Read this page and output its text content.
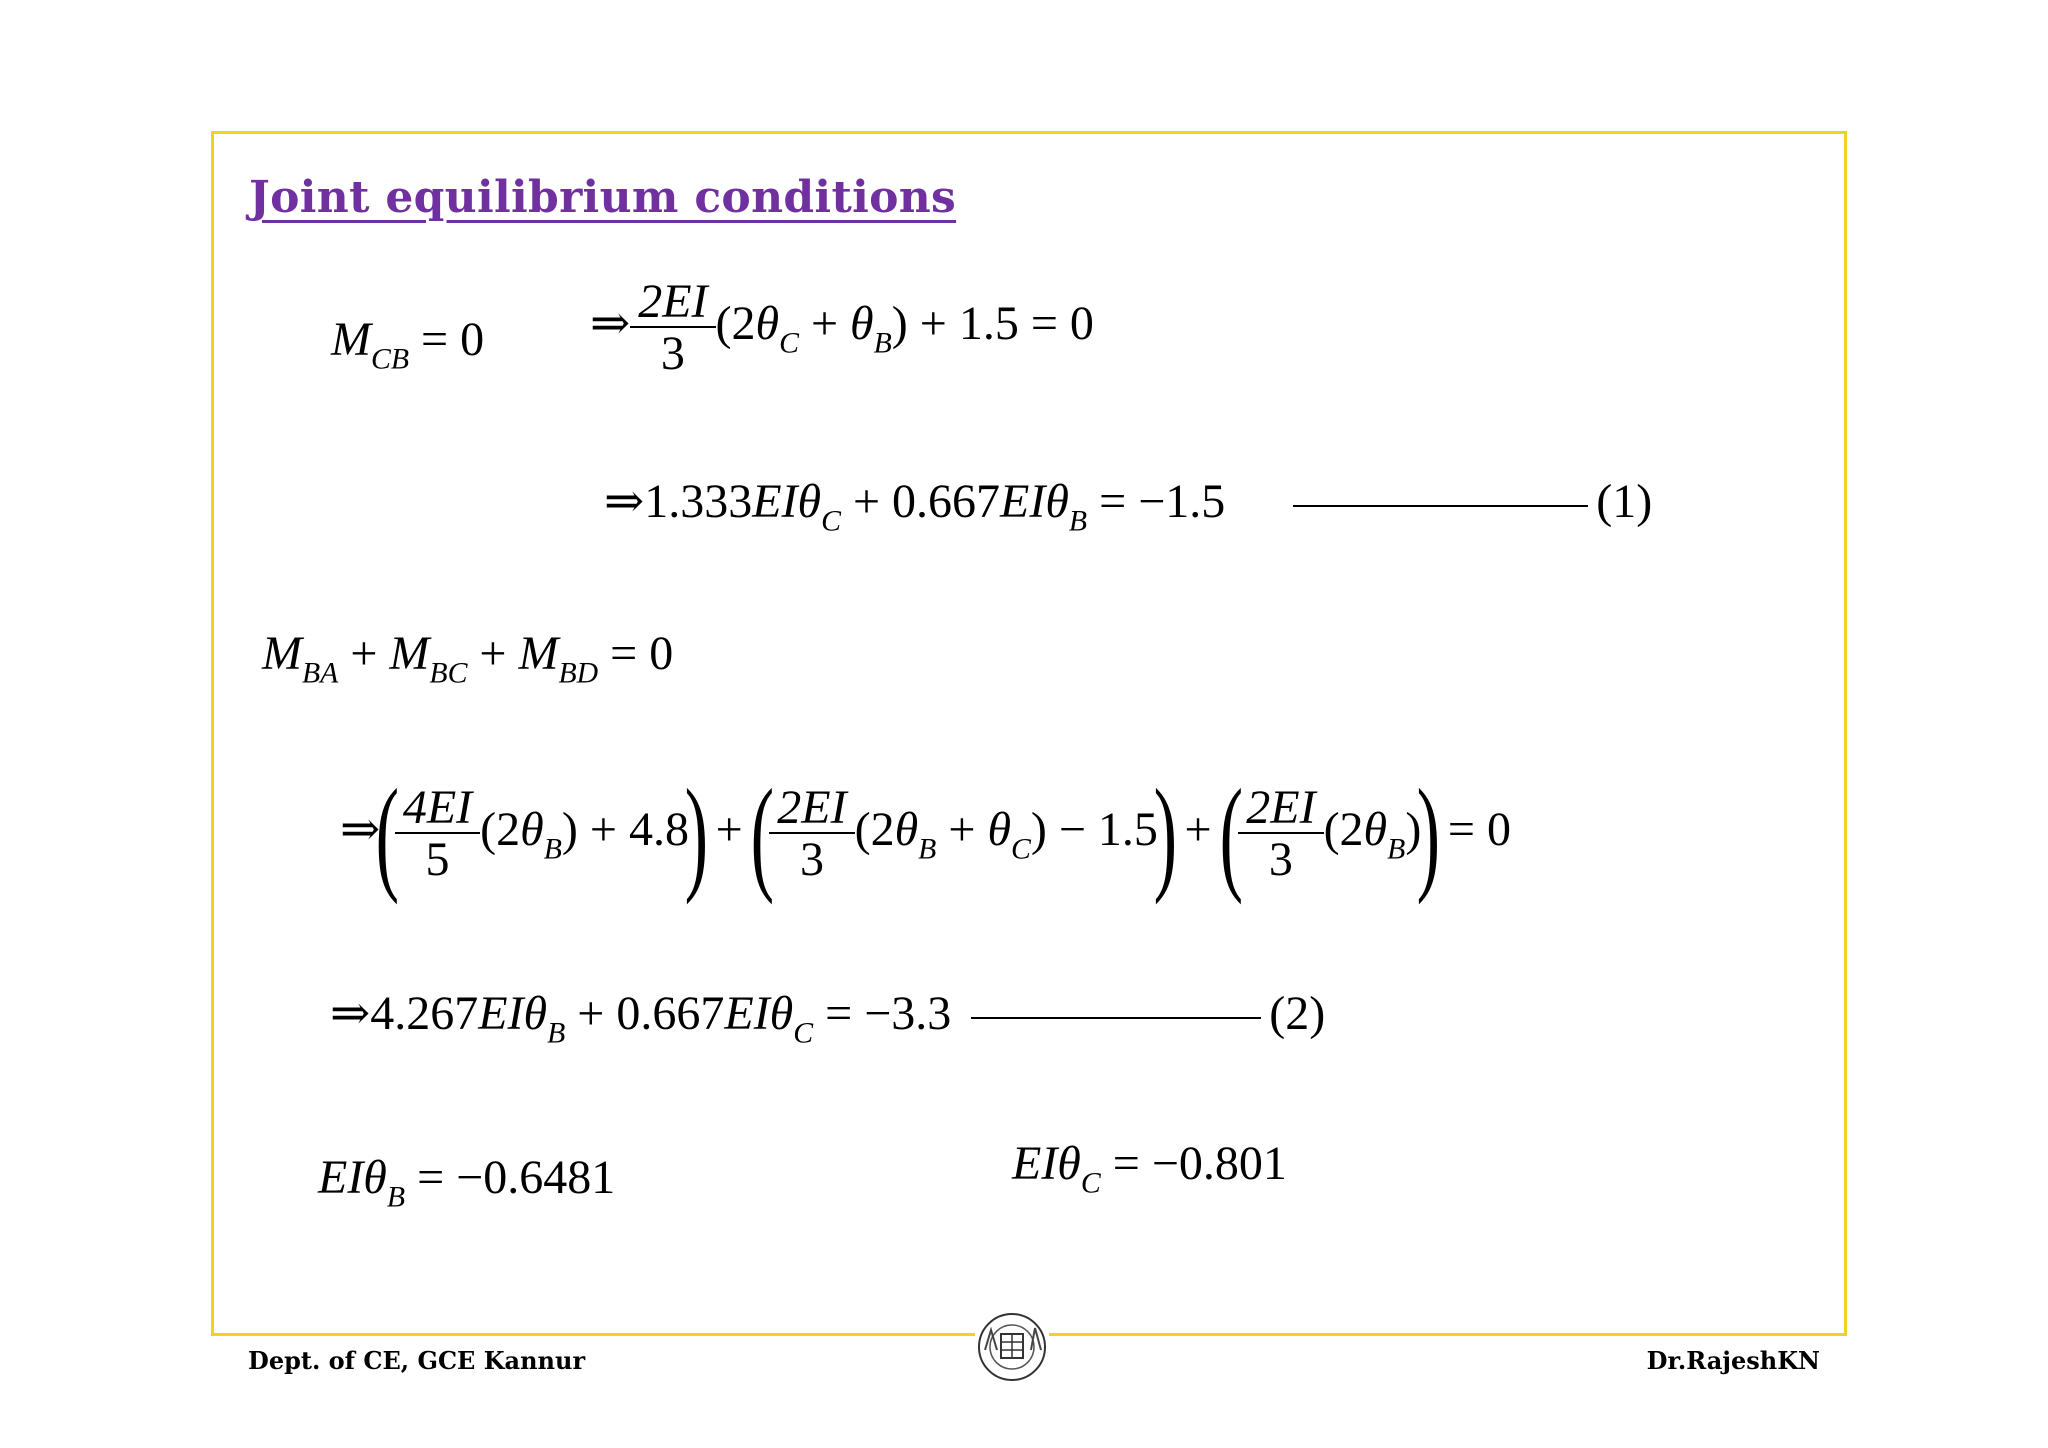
Joint equilibrium conditions
$M_{CB} = 0$ ⇒ $\frac{2EI}{3} (2\theta_C + \theta_B) + 1.5 = 0$
⇒1.333EIθ$_C$ + 0.667EIθ$_B$ = −1.5	(1)
$M_{BA} + M_{BC} + M_{BD} = 0$
⇒( $\frac{4EI}{5} (2\theta_B) + 4.8$) + ( $\frac{2EI}{3} (2\theta_B + \theta_C) - 1.5$) + ( $\frac{2EI}{3} (2\theta_B)) = 0$
⇒4.267EIθ$_B$ + 0.667EIθ$_C$ = −3.3	(2)
EIθ$_B$ = −0.6481	EIθ$_C$ = −0.801
Dept. of CE, GCE Kannur	Dr.RajeshKN
